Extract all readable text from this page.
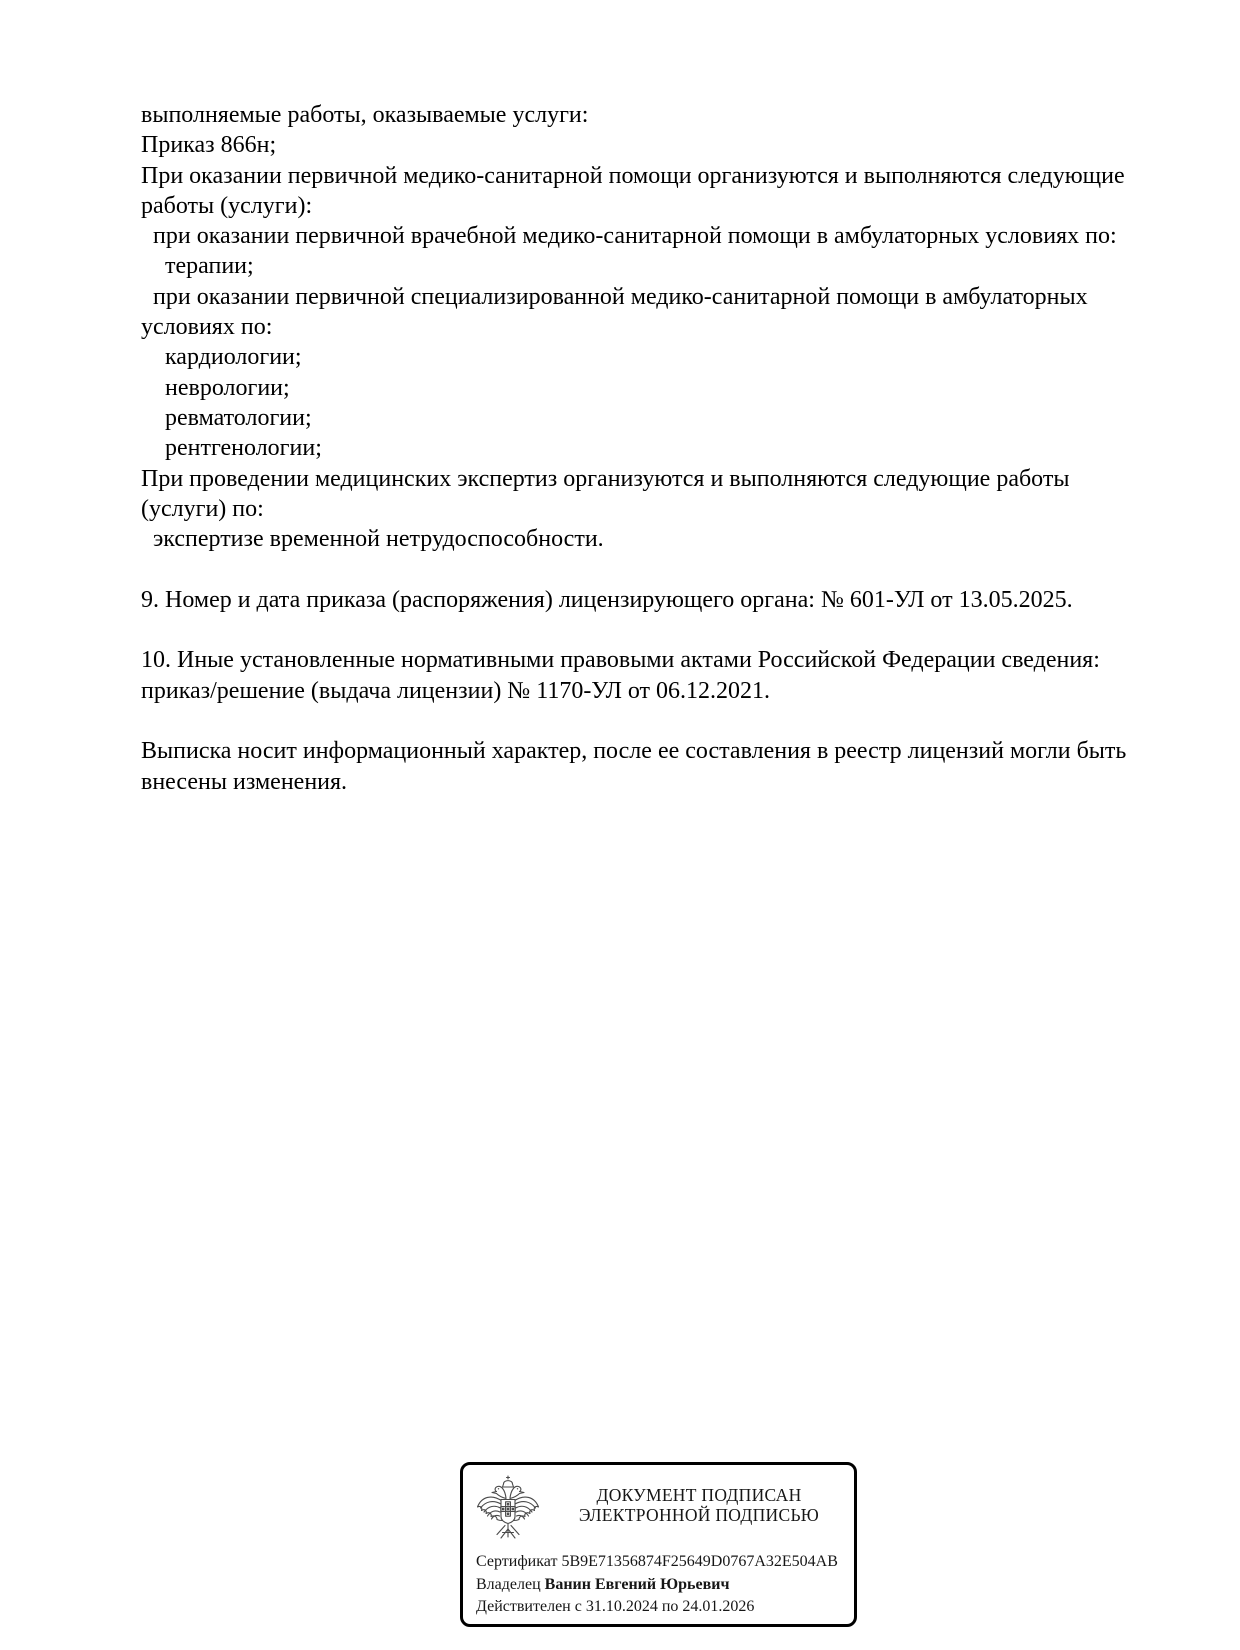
выполняемые работы, оказываемые услуги:
Приказ 866н;
При оказании первичной медико-санитарной помощи организуются и выполняются следующие
работы (услуги):
при оказании первичной врачебной медико-санитарной помощи в амбулаторных условиях по:
терапии;
при оказании первичной специализированной медико-санитарной помощи в амбулаторных
условиях по:
кардиологии;
неврологии;
ревматологии;
рентгенологии;
При проведении медицинских экспертиз организуются и выполняются следующие работы
(услуги) по:
экспертизе временной нетрудоспособности.

9. Номер и дата приказа (распоряжения) лицензирующего органа: № 601-УЛ от 13.05.2025.

10. Иные установленные нормативными правовыми актами Российской Федерации сведения:
приказ/решение (выдача лицензии) № 1170-УЛ от 06.12.2021.

Выписка носит информационный характер, после ее составления в реестр лицензий могли быть
внесены изменения.
ДОКУМЕНТ ПОДПИСАН
ЭЛЕКТРОННОЙ ПОДПИСЬЮ
Сертификат 5B9E71356874F25649D0767A32E504AB
Владелец Ванин Евгений Юрьевич
Действителен с 31.10.2024 по 24.01.2026
